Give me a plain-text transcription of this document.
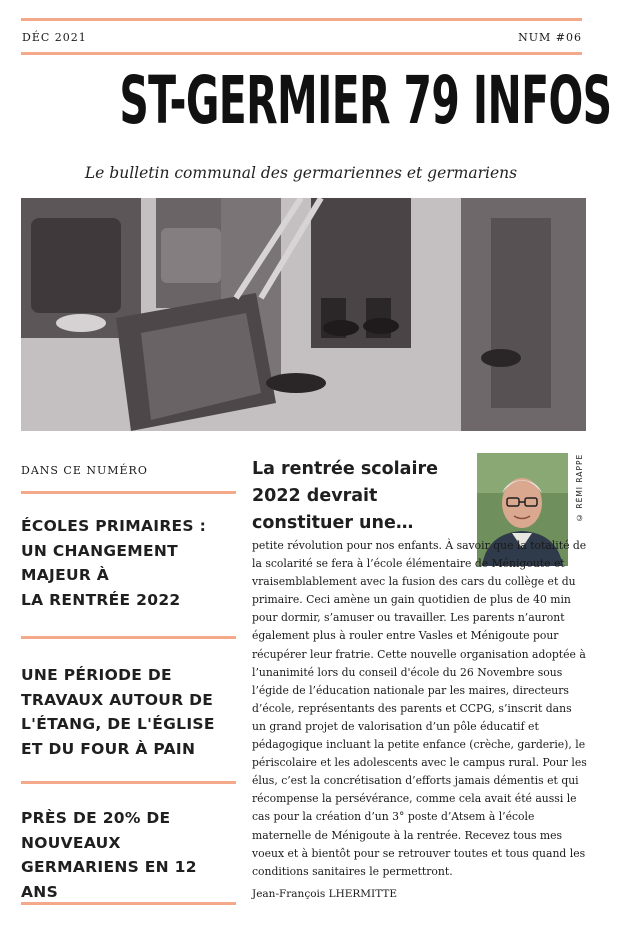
DÉC 2021	NUM #06
ST-GERMIER 79 INFOS
Le bulletin communal des germariennes et germariens
DANS CE NUMÉRO
ÉCOLES PRIMAIRES :
UN CHANGEMENT
MAJEUR À
LA RENTRÉE 2022
UNE PÉRIODE DE
TRAVAUX AUTOUR DE
L'ÉTANG, DE L'ÉGLISE
ET DU FOUR À PAIN
PRÈS DE 20% DE
NOUVEAUX
GERMARIENS EN 12 ANS
La rentrée scolaire
2022 devrait
constituer une…
© RÉMI RAPPE

petite révolution pour nos enfants. À savoir que la totalité de la scolarité se fera à l’école élémentaire de Ménigoute et vraisemblablement avec la fusion des cars du collège et du primaire. Ceci amène un gain quotidien de plus de 40 min pour dormir, s’amuser ou travailler. Les parents n’auront également plus à rouler entre Vasles et Ménigoute pour récupérer leur fratrie. Cette nouvelle organisation adoptée à l’unanimité lors du conseil d'école du 26 Novembre sous l’égide de l’éducation nationale par les maires, directeurs d’école, représentants des parents et CCPG, s’inscrit dans un grand projet de valorisation d’un pôle éducatif et pédagogique incluant la petite enfance (crèche, garderie), le périscolaire et les adolescents avec le campus rural. Pour les élus, c’est la concrétisation d’efforts jamais démentis et qui récompense la persévérance, comme cela avait été aussi le cas pour la création d’un 3° poste d’Atsem à l’école maternelle de Ménigoute à la rentrée. Recevez tous mes voeux et à bientôt pour se retrouver toutes et tous quand les conditions sanitaires le permettront.

Jean-François LHERMITTE
